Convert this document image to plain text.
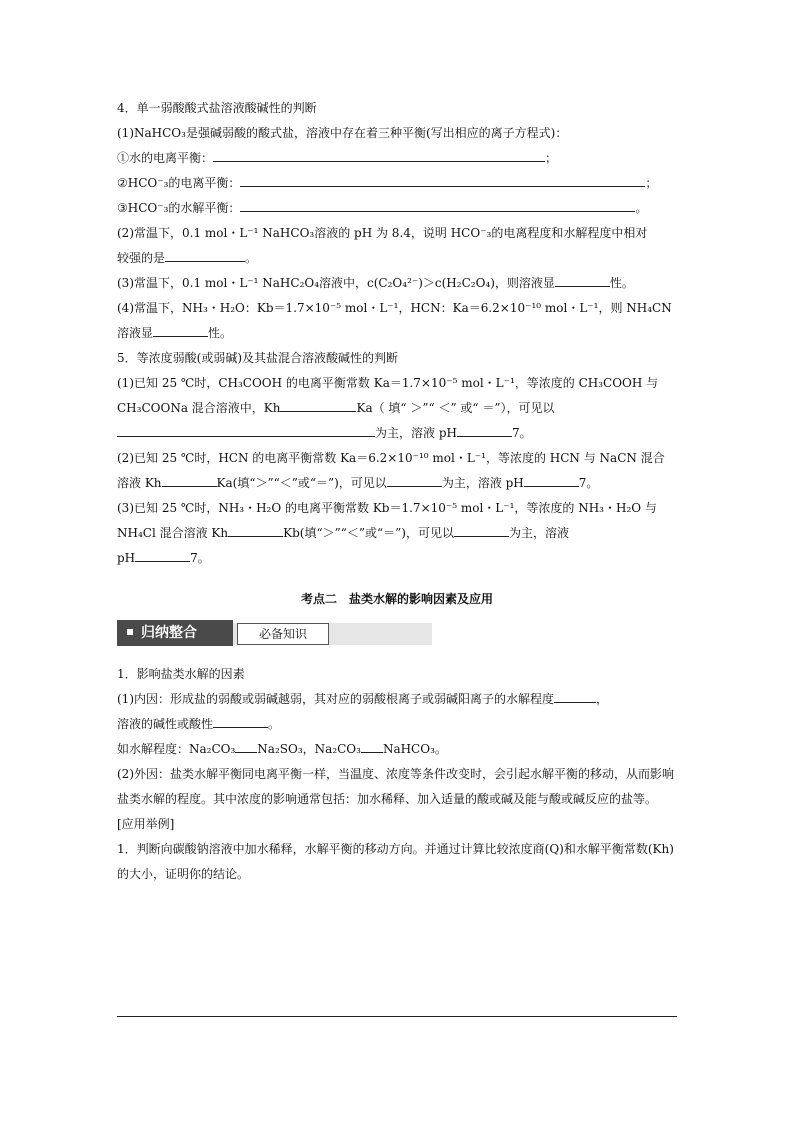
4．单一弱酸酸式盐溶液酸碱性的判断
(1)NaHCO₃是强碱弱酸的酸式盐，溶液中存在着三种平衡(写出相应的离子方程式)：
①水的电离平衡：	；
②HCO⁻₃的电离平衡：	；
③HCO⁻₃的水解平衡：	。
(2)常温下，0.1 mol・L⁻¹ NaHCO₃溶液的 pH 为 8.4，说明 HCO⁻₃的电离程度和水解程度中相对
较强的是	。
(3)常温下，0.1 mol・L⁻¹ NaHC₂O₄溶液中，c(C₂O₄²⁻)＞c(H₂C₂O₄)，则溶液显	性。
(4)常温下，NH₃・H₂O：Kb＝1.7×10⁻⁵ mol・L⁻¹，HCN：Ka＝6.2×10⁻¹⁰ mol・L⁻¹，则 NH₄CN
溶液显	性。
5．等浓度弱酸(或弱碱)及其盐混合溶液酸碱性的判断
(1)已知 25 ℃时，CH₃COOH 的电离平衡常数 Ka＝1.7×10⁻⁵ mol・L⁻¹，等浓度的 CH₃COOH 与
CH₃COONa 混合溶液中，Kh	Ka（ 填“ ＞”“ ＜” 或“ ＝”），可见以
为主，溶液 pH	7。
(2)已知 25 ℃时，HCN 的电离平衡常数 Ka＝6.2×10⁻¹⁰ mol・L⁻¹，等浓度的 HCN 与 NaCN 混合
溶液 Kh	Ka(填“＞”“＜”或“＝”)，可见以	为主，溶液 pH	7。
(3)已知 25 ℃时，NH₃・H₂O 的电离平衡常数 Kb＝1.7×10⁻⁵ mol・L⁻¹，等浓度的 NH₃・H₂O 与
NH₄Cl 混合溶液 Kh	Kb(填“＞”“＜”或“＝”)，可见以	为主，溶液
pH	7。
考点二　盐类水解的影响因素及应用
归纳整合	必备知识
1．影响盐类水解的因素
(1)内因：形成盐的弱酸或弱碱越弱，其对应的弱酸根离子或弱碱阳离子的水解程度	，
溶液的碱性或酸性	。
如水解程度：Na₂CO₃ Na₂SO₃，Na₂CO₃ NaHCO₃。
(2)外因：盐类水解平衡同电离平衡一样，当温度、浓度等条件改变时，会引起水解平衡的移动，从而影响盐类水解的程度。其中浓度的影响通常包括：加水稀释、加入适量的酸或碱及能与酸或碱反应的盐等。
[应用举例]
1．判断向碳酸钠溶液中加水稀释，水解平衡的移动方向。并通过计算比较浓度商(Q)和水解平衡常数(Kh)的大小，证明你的结论。
